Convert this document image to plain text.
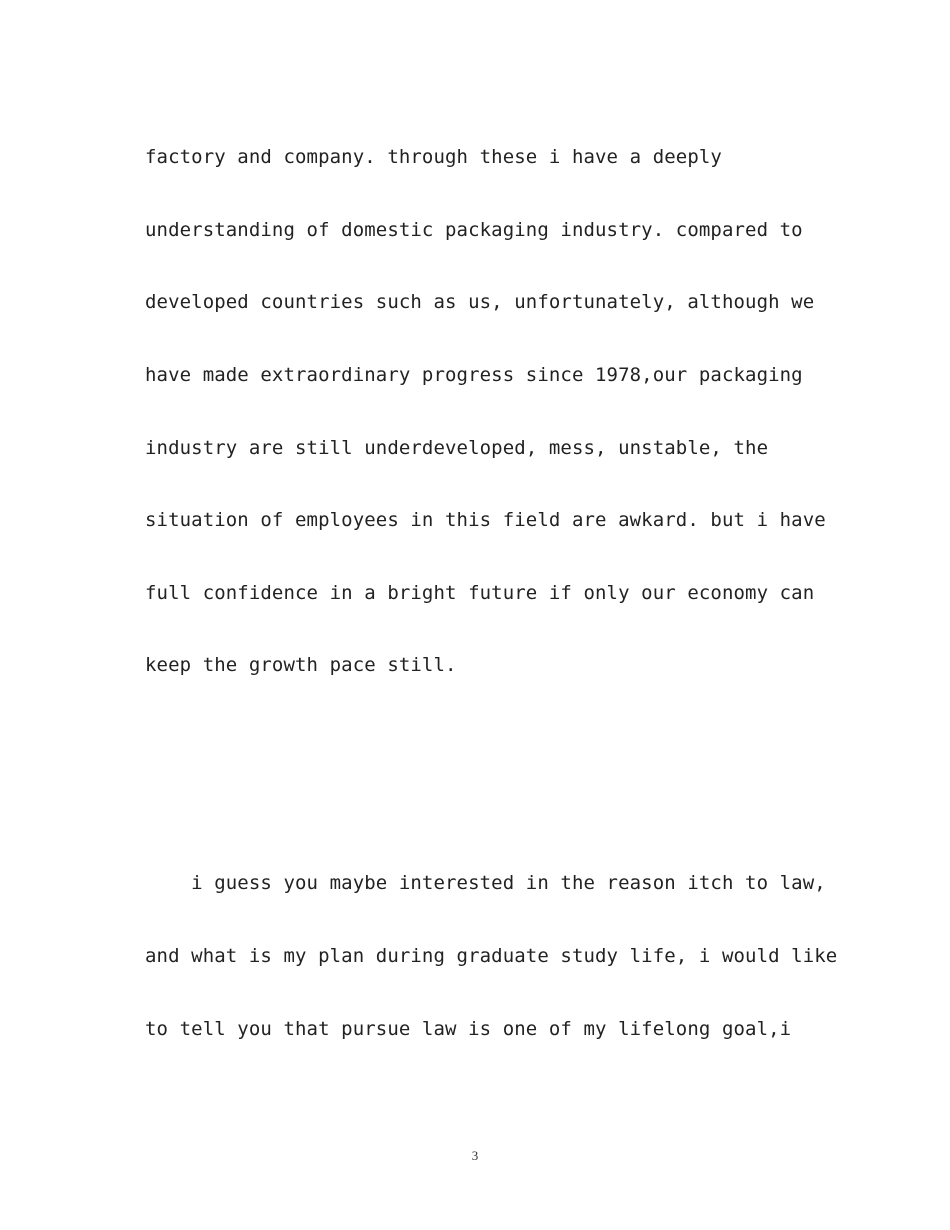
factory and company. through these i have a deeply
understanding of domestic packaging industry. compared to
developed countries such as us, unfortunately, although we
have made extraordinary progress since 1978,our packaging
industry are still underdeveloped, mess, unstable, the
situation of employees in this field are awkard. but i have
full confidence in a bright future if only our economy can
keep the growth pace still.
i guess you maybe interested in the reason itch to law,
and what is my plan during graduate study life, i would like
to tell you that pursue law is one of my lifelong goal,i
3
